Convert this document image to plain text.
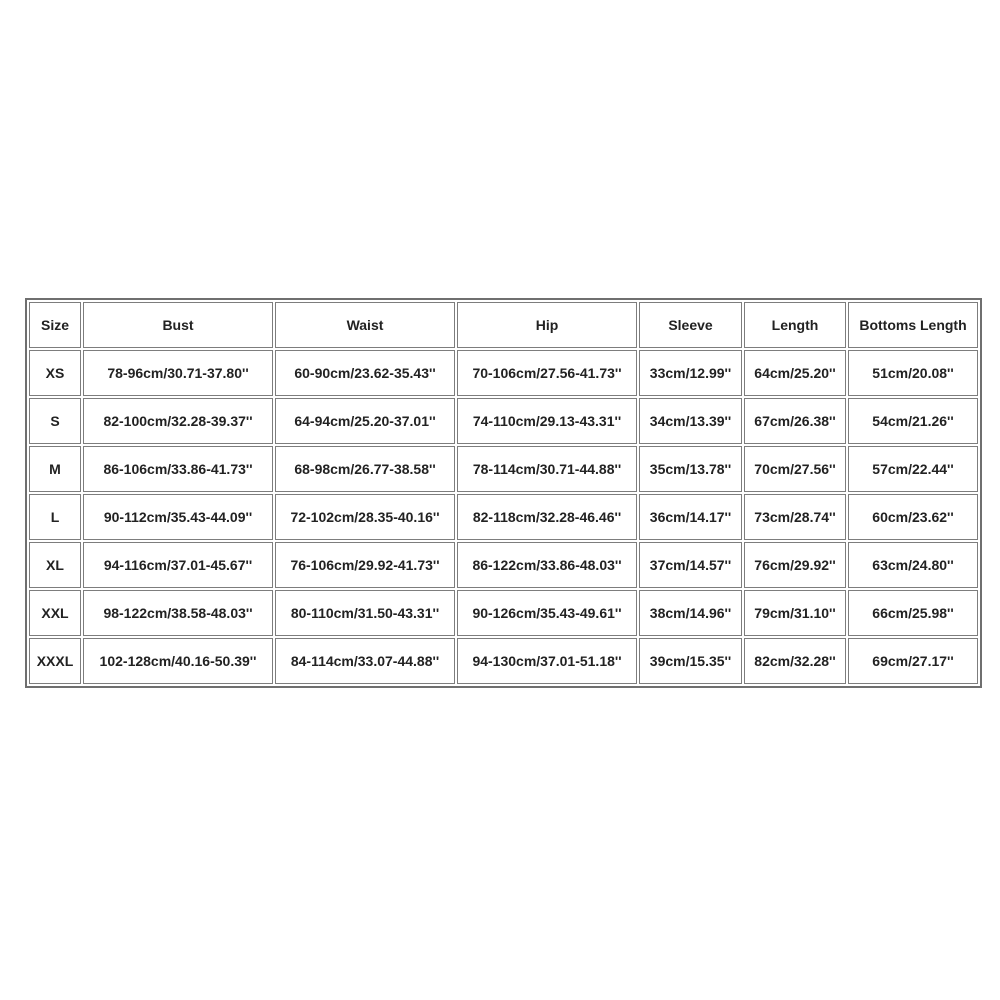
Size	Bust	Waist	Hip	Sleeve	Length	Bottoms Length
XS	78-96cm/30.71-37.80''	60-90cm/23.62-35.43''	70-106cm/27.56-41.73''	33cm/12.99''	64cm/25.20''	51cm/20.08''
S	82-100cm/32.28-39.37''	64-94cm/25.20-37.01''	74-110cm/29.13-43.31''	34cm/13.39''	67cm/26.38''	54cm/21.26''
M	86-106cm/33.86-41.73''	68-98cm/26.77-38.58''	78-114cm/30.71-44.88''	35cm/13.78''	70cm/27.56''	57cm/22.44''
L	90-112cm/35.43-44.09''	72-102cm/28.35-40.16''	82-118cm/32.28-46.46''	36cm/14.17''	73cm/28.74''	60cm/23.62''
XL	94-116cm/37.01-45.67''	76-106cm/29.92-41.73''	86-122cm/33.86-48.03''	37cm/14.57''	76cm/29.92''	63cm/24.80''
XXL	98-122cm/38.58-48.03''	80-110cm/31.50-43.31''	90-126cm/35.43-49.61''	38cm/14.96''	79cm/31.10''	66cm/25.98''
XXXL	102-128cm/40.16-50.39''	84-114cm/33.07-44.88''	94-130cm/37.01-51.18''	39cm/15.35''	82cm/32.28''	69cm/27.17''
